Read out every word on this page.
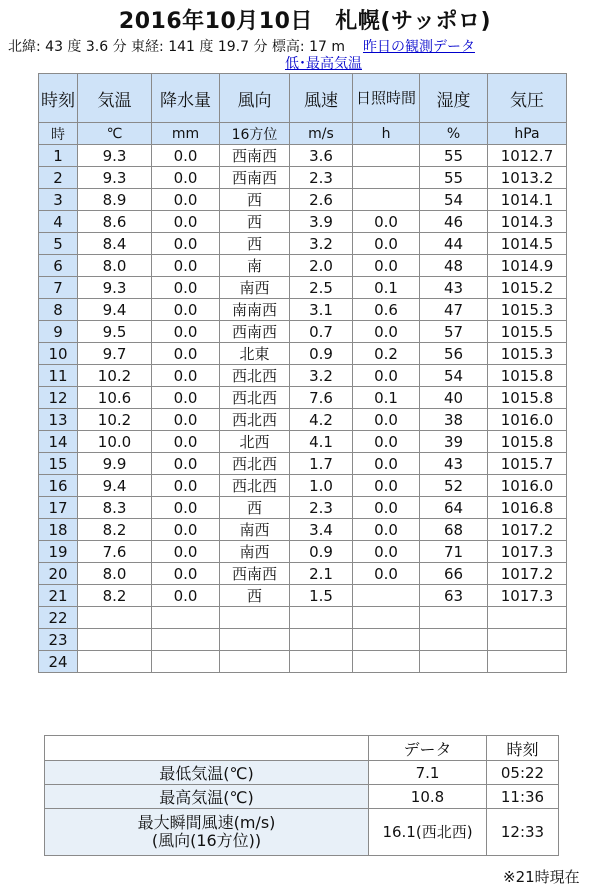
2016年10月10日　札幌(サッポロ)
北緯: 43 度 3.6 分 東経: 141 度 19.7 分 標高: 17 m 昨日の観測データ
低･最高気温
時刻	気温	降水量	風向	風速	日照時間	湿度	気圧
時	℃	mm	16方位	m/s	h	%	hPa
1	9.3	0.0	西南西	3.6		55	1012.7
2	9.3	0.0	西南西	2.3		55	1013.2
3	8.9	0.0	西	2.6		54	1014.1
4	8.6	0.0	西	3.9	0.0	46	1014.3
5	8.4	0.0	西	3.2	0.0	44	1014.5
6	8.0	0.0	南	2.0	0.0	48	1014.9
7	9.3	0.0	南西	2.5	0.1	43	1015.2
8	9.4	0.0	南南西	3.1	0.6	47	1015.3
9	9.5	0.0	西南西	0.7	0.0	57	1015.5
10	9.7	0.0	北東	0.9	0.2	56	1015.3
11	10.2	0.0	西北西	3.2	0.0	54	1015.8
12	10.6	0.0	西北西	7.6	0.1	40	1015.8
13	10.2	0.0	西北西	4.2	0.0	38	1016.0
14	10.0	0.0	北西	4.1	0.0	39	1015.8
15	9.9	0.0	西北西	1.7	0.0	43	1015.7
16	9.4	0.0	西北西	1.0	0.0	52	1016.0
17	8.3	0.0	西	2.3	0.0	64	1016.8
18	8.2	0.0	南西	3.4	0.0	68	1017.2
19	7.6	0.0	南西	0.9	0.0	71	1017.3
20	8.0	0.0	西南西	2.1	0.0	66	1017.2
21	8.2	0.0	西	1.5		63	1017.3
22							
23							
24							
	データ	時刻
最低気温(℃)	7.1	05:22
最高気温(℃)	10.8	11:36
最大瞬間風速(m/s)
(風向(16方位))	16.1(西北西)	12:33
※21時現在
